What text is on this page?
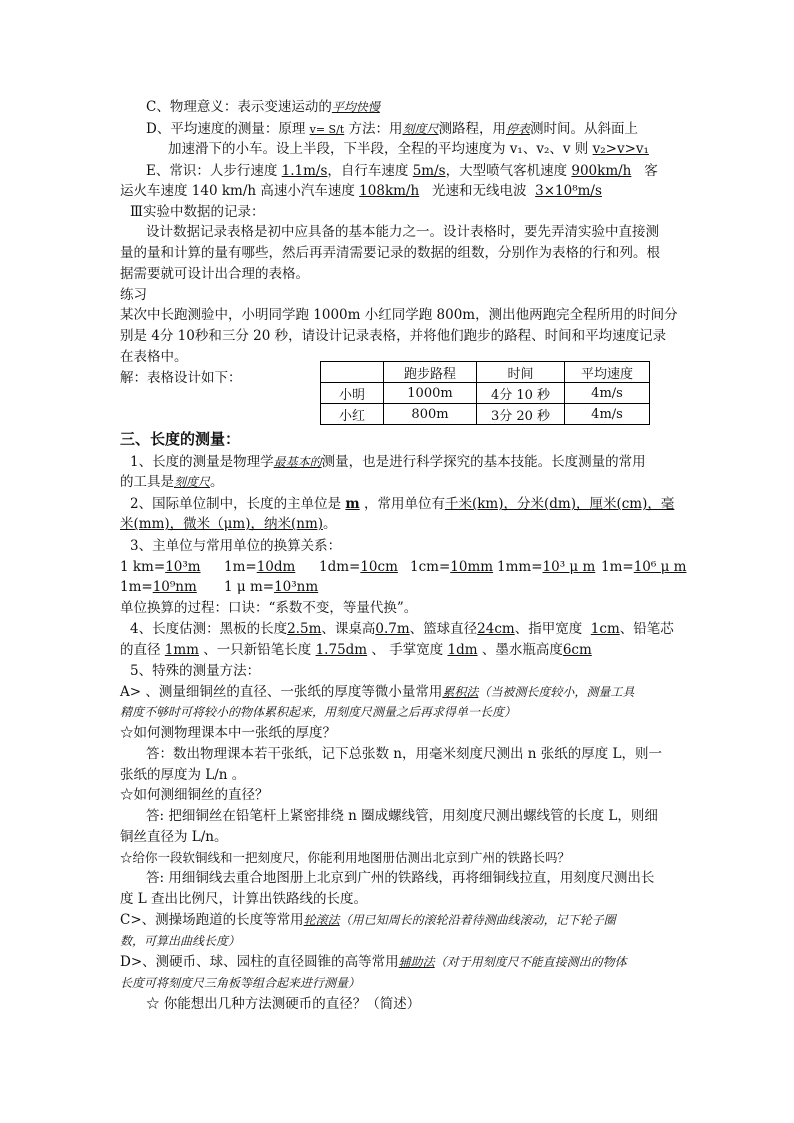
C、物理意义：表示变速运动的平均快慢
D、平均速度的测量：原理 v= S/t 方法：用刻度尺测路程，用停表测时间。从斜面上
加速滑下的小车。设上半段，下半段，全程的平均速度为 v₁、v₂、v 则 v₂>v>v₁
E、常识：人步行速度 1.1m/s，自行车速度 5m/s，大型喷气客机速度 900km/h 客
运火车速度 140 km/h 高速小汽车速度 108km/h 光速和无线电波 3×10⁸m/s
Ⅲ实验中数据的记录：
设计数据记录表格是初中应具备的基本能力之一。设计表格时，要先弄清实验中直接测
量的量和计算的量有哪些，然后再弄清需要记录的数据的组数，分别作为表格的行和列。根
据需要就可设计出合理的表格。
练习
某次中长跑测验中，小明同学跑 1000m 小红同学跑 800m，测出他两跑完全程所用的时间分
别是 4分 10秒和三分 20 秒，请设计记录表格，并将他们跑步的路程、时间和平均速度记录
在表格中。
解：表格设计如下：
		跑步路程	时间	平均速度
小明	1000m	4分 10 秒	4m/s
小红	800m	3分 20 秒	4m/s
三、长度的测量：
1、长度的测量是物理学最基本的测量，也是进行科学探究的基本技能。长度测量的常用
的工具是刻度尺。
2、国际单位制中，长度的主单位是 m ，常用单位有千米(km)，分米(dm)，厘米(cm)，毫
米(mm)，微米（μm)，纳米(nm)。
3、主单位与常用单位的换算关系：
1 km=10³m 1m=10dm 1dm=10cm 1cm=10mm 1mm=10³ μ m 1m=10⁶ μ m
1m=10⁹nm 1 μ m=10³nm
单位换算的过程：口诀：“系数不变，等量代换”。
4、长度估测：黑板的长度2.5m、课桌高0.7m、篮球直径24cm、指甲宽度 1cm、铅笔芯
的直径 1mm 、一只新铅笔长度 1.75dm 、 手掌宽度 1dm 、墨水瓶高度6cm
5、特殊的测量方法：
A> 、测量细铜丝的直径、一张纸的厚度等微小量常用累积法（当被测长度较小，测量工具
精度不够时可将较小的物体累积起来，用刻度尺测量之后再求得单一长度）
☆如何测物理课本中一张纸的厚度？
答：数出物理课本若干张纸，记下总张数 n，用毫米刻度尺测出 n 张纸的厚度 L，则一
张纸的厚度为 L/n 。
☆如何测细铜丝的直径？
答: 把细铜丝在铅笔杆上紧密排绕 n 圈成螺线管，用刻度尺测出螺线管的长度 L，则细
铜丝直径为 L/n。
☆给你一段软铜线和一把刻度尺，你能利用地图册估测出北京到广州的铁路长吗？
答: 用细铜线去重合地图册上北京到广州的铁路线，再将细铜线拉直，用刻度尺测出长
度 L 查出比例尺，计算出铁路线的长度。
C>、测操场跑道的长度等常用轮滚法（用已知周长的滚轮沿着待测曲线滚动，记下轮子圈
数，可算出曲线长度）
D>、测硬币、球、园柱的直径圆锥的高等常用辅助法（对于用刻度尺不能直接测出的物体
长度可将刻度尺三角板等组合起来进行测量）
☆ 你能想出几种方法测硬币的直径？（简述）
